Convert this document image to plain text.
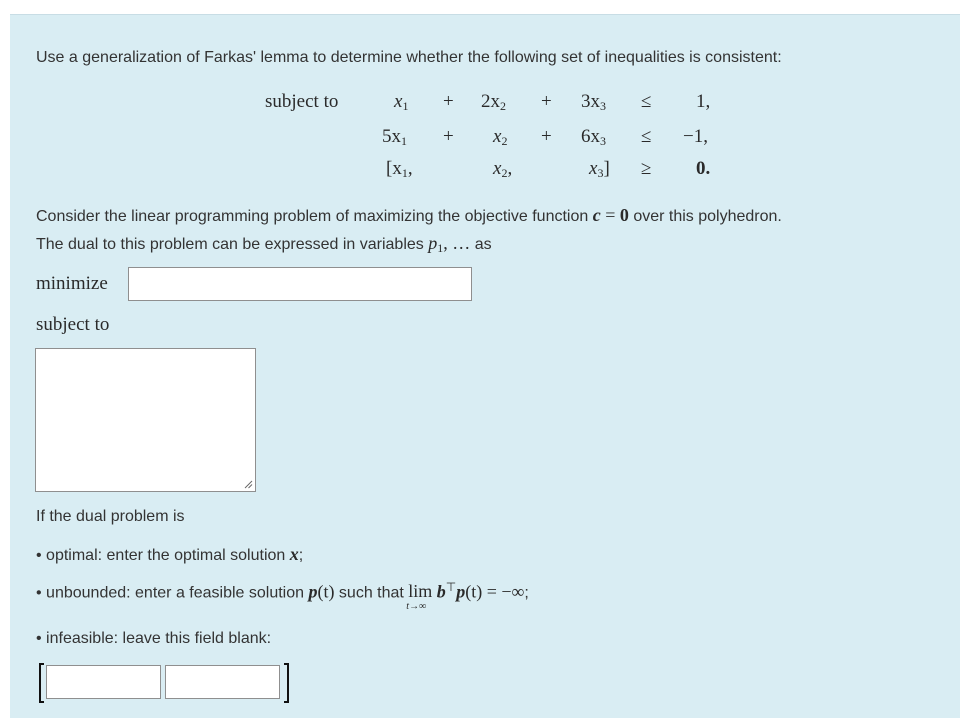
Use a generalization of Farkas' lemma to determine whether the following set of inequalities is consistent:
subject to	$x_1 + 2x_2 + 3x_3 \le 1$,
$5x_1 + x_2 + 6x_3 \le -1$,
[$x_1$,	$x_2$,	$x_3] \ge 0$.
Consider the linear programming problem of maximizing the objective function c = 0 over this polyhedron.
The dual to this problem can be expressed in variables $p_1$, … as
minimize
subject to
If the dual problem is
• optimal: enter the optimal solution x;
• unbounded: enter a feasible solution p(t) such that lim
t→∞
b⊤p(t) = −∞;
• infeasible: leave this field blank:
